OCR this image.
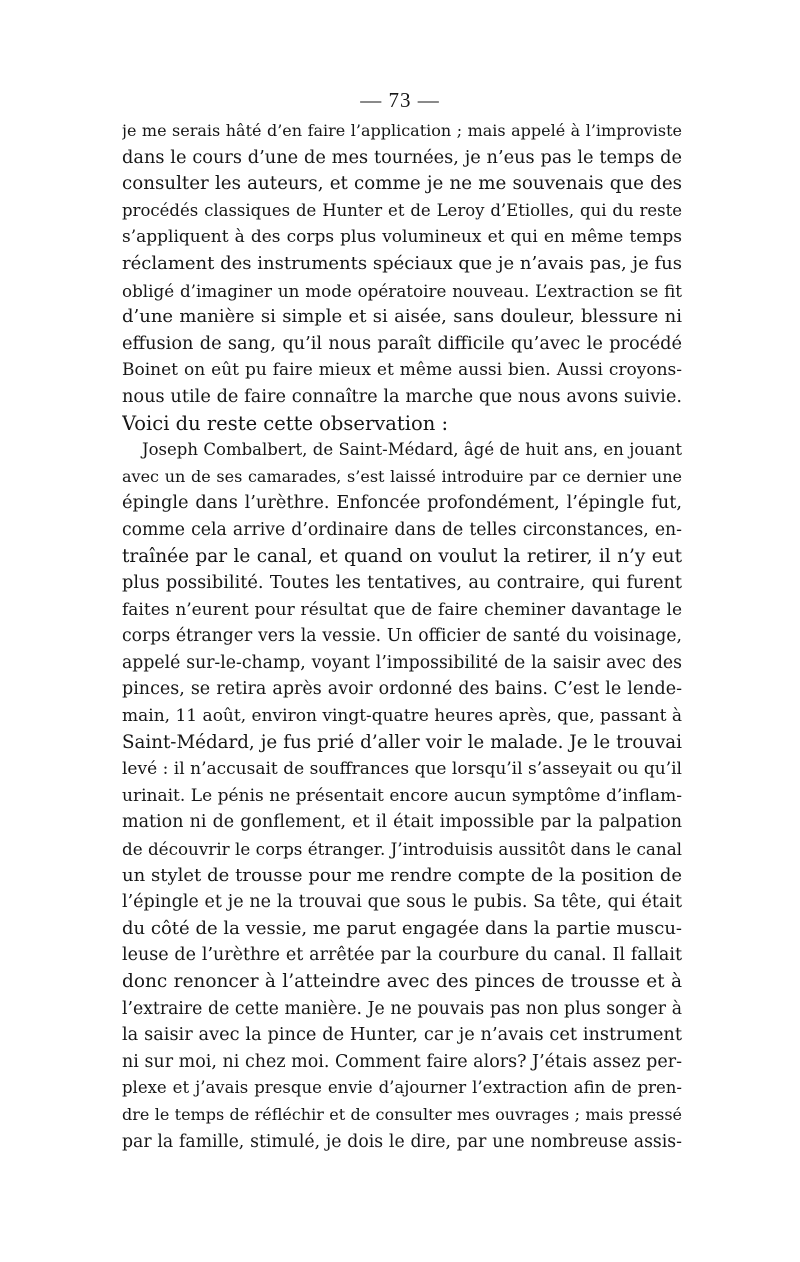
— 73 —
je me serais hâté d’en faire l’application ; mais appelé à l’improviste
dans le cours d’une de mes tournées, je n’eus pas le temps de
consulter les auteurs, et comme je ne me souvenais que des
procédés classiques de Hunter et de Leroy d’Etiolles, qui du reste
s’appliquent à des corps plus volumineux et qui en même temps
réclament des instruments spéciaux que je n’avais pas, je fus
obligé d’imaginer un mode opératoire nouveau. L’extraction se fit
d’une manière si simple et si aisée, sans douleur, blessure ni
effusion de sang, qu’il nous paraît difficile qu’avec le procédé
Boinet on eût pu faire mieux et même aussi bien. Aussi croyons-
nous utile de faire connaître la marche que nous avons suivie.
Voici du reste cette observation :
Joseph Combalbert, de Saint-Médard, âgé de huit ans, en jouant
avec un de ses camarades, s’est laissé introduire par ce dernier une
épingle dans l’urèthre. Enfoncée profondément, l’épingle fut,
comme cela arrive d’ordinaire dans de telles circonstances, en-
traînée par le canal, et quand on voulut la retirer, il n’y eut
plus possibilité. Toutes les tentatives, au contraire, qui furent
faites n’eurent pour résultat que de faire cheminer davantage le
corps étranger vers la vessie. Un officier de santé du voisinage,
appelé sur-le-champ, voyant l’impossibilité de la saisir avec des
pinces, se retira après avoir ordonné des bains. C’est le lende-
main, 11 août, environ vingt-quatre heures après, que, passant à
Saint-Médard, je fus prié d’aller voir le malade. Je le trouvai
levé : il n’accusait de souffrances que lorsqu’il s’asseyait ou qu’il
urinait. Le pénis ne présentait encore aucun symptôme d’inflam-
mation ni de gonflement, et il était impossible par la palpation
de découvrir le corps étranger. J’introduisis aussitôt dans le canal
un stylet de trousse pour me rendre compte de la position de
l’épingle et je ne la trouvai que sous le pubis. Sa tête, qui était
du côté de la vessie, me parut engagée dans la partie muscu-
leuse de l’urèthre et arrêtée par la courbure du canal. Il fallait
donc renoncer à l’atteindre avec des pinces de trousse et à
l’extraire de cette manière. Je ne pouvais pas non plus songer à
la saisir avec la pince de Hunter, car je n’avais cet instrument
ni sur moi, ni chez moi. Comment faire alors? J’étais assez per-
plexe et j’avais presque envie d’ajourner l’extraction afin de pren-
dre le temps de réfléchir et de consulter mes ouvrages ; mais pressé
par la famille, stimulé, je dois le dire, par une nombreuse assis-
